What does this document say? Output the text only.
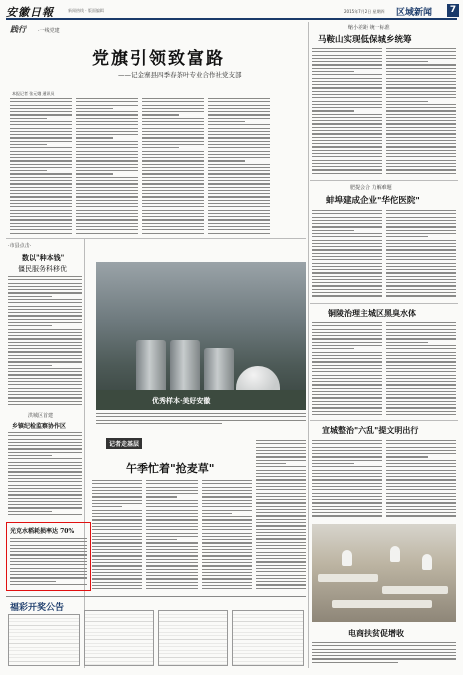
安徽日報	新闻热线 · 版面编辑	2015年7月2日 星期四 区域新闻	7
践行 ·一线党建
党旗引领致富路
——记金寨县四季春茶叶专业合作社党支部
本报记者 张元娥 通讯员
·市县点击·
数以"种本钱"
僵民服务科移优
洪城区首建
乡镇纪检监察协作区
光克水稻耗损率达 70%
福彩开奖公告
优秀样本·美好安徽
记者走基层
午季忙着"抢麦草"
缩小差距 统一标准
马鞍山实现低保城乡统筹
肥提会合 力解难题
蚌埠建成企业"华佗医院"
铜陵治理主城区黑臭水体
宣城整治"六乱"提文明出行
电商扶贫促增收
